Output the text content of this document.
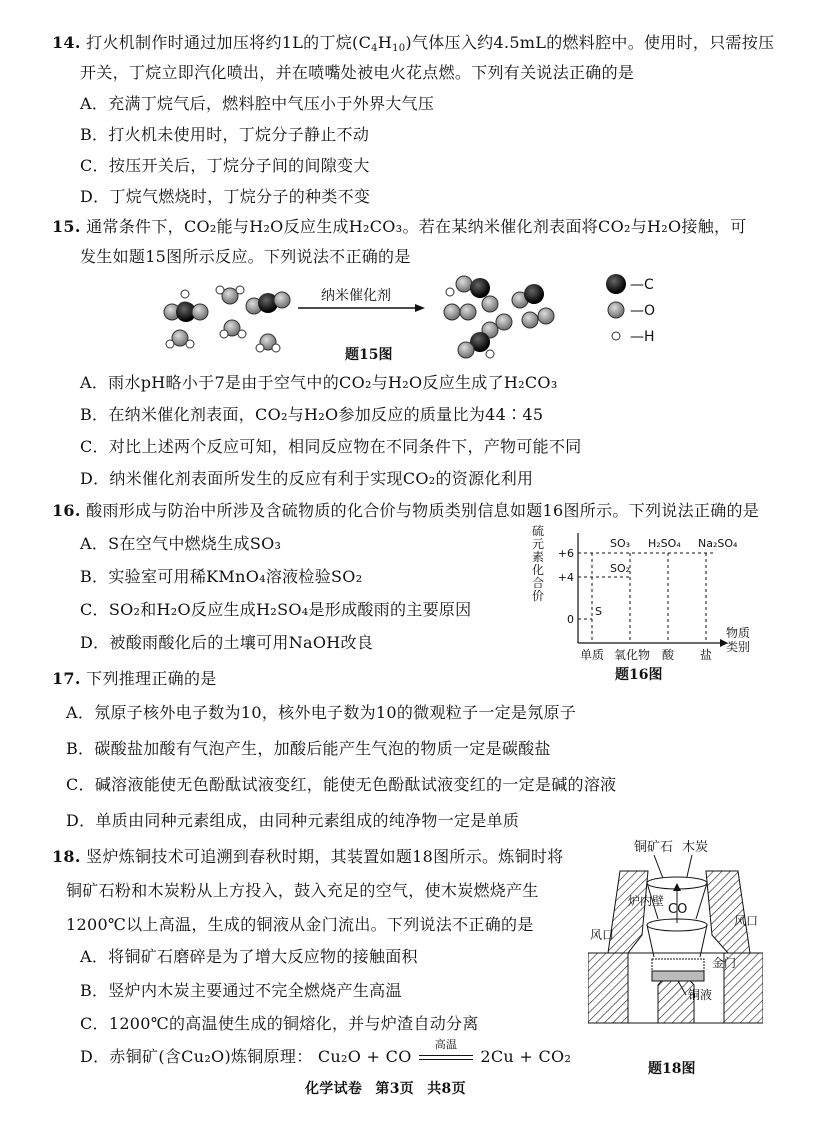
14. 打火机制作时通过加压将约1L的丁烷$(C_4H_{10})$气体压入约4.5mL的燃料腔中。使用时，只需按压
开关，丁烷立即汽化喷出，并在喷嘴处被电火花点燃。下列有关说法正确的是
A．充满丁烷气后，燃料腔中气压小于外界大气压
B．打火机未使用时，丁烷分子静止不动
C．按压开关后，丁烷分子间的间隙变大
D．丁烷气燃烧时，丁烷分子的种类不变
15. 通常条件下，CO₂能与H₂O反应生成H₂CO₃。若在某纳米催化剂表面将CO₂与H₂O接触，可
发生如题15图所示反应。下列说法不正确的是
纳米催化剂
—C
—O
—H
题15图
A．雨水pH略小于7是由于空气中的CO₂与H₂O反应生成了H₂CO₃
B．在纳米催化剂表面，CO₂与H₂O参加反应的质量比为44∶45
C．对比上述两个反应可知，相同反应物在不同条件下，产物可能不同
D．纳米催化剂表面所发生的反应有利于实现CO₂的资源化利用
16. 酸雨形成与防治中所涉及含硫物质的化合价与物质类别信息如题16图所示。下列说法正确的是
A．S在空气中燃烧生成SO₃
B．实验室可用稀KMnO₄溶液检验SO₂
C．SO₂和H₂O反应生成H₂SO₄是形成酸雨的主要原因
D．被酸雨酸化后的土壤可用NaOH改良
硫元素化合价
+6
+4
0
S
SO₂
SO₃ H₂SO₄ Na₂SO₄
单质 氧化物 酸 盐
物质
类别
题16图
17. 下列推理正确的是
A．氖原子核外电子数为10，核外电子数为10的微观粒子一定是氖原子
B．碳酸盐加酸有气泡产生，加酸后能产生气泡的物质一定是碳酸盐
C．碱溶液能使无色酚酞试液变红，能使无色酚酞试液变红的一定是碱的溶液
D．单质由同种元素组成，由同种元素组成的纯净物一定是单质
18. 竖炉炼铜技术可追溯到春秋时期，其装置如题18图所示。炼铜时将
铜矿石粉和木炭粉从上方投入，鼓入充足的空气，使木炭燃烧产生
1200℃以上高温，生成的铜液从金门流出。下列说法不正确的是
A．将铜矿石磨碎是为了增大反应物的接触面积
B．竖炉内木炭主要通过不完全燃烧产生高温
C．1200℃的高温使生成的铜熔化，并与炉渣自动分离
D．赤铜矿(含Cu₂O)炼铜原理： Cu₂O + CO
高温
2Cu + CO₂
铜矿石 木炭
CO
炉内壁
风口
风口
金门
铜液
题18图
化学试卷 第3页 共8页
